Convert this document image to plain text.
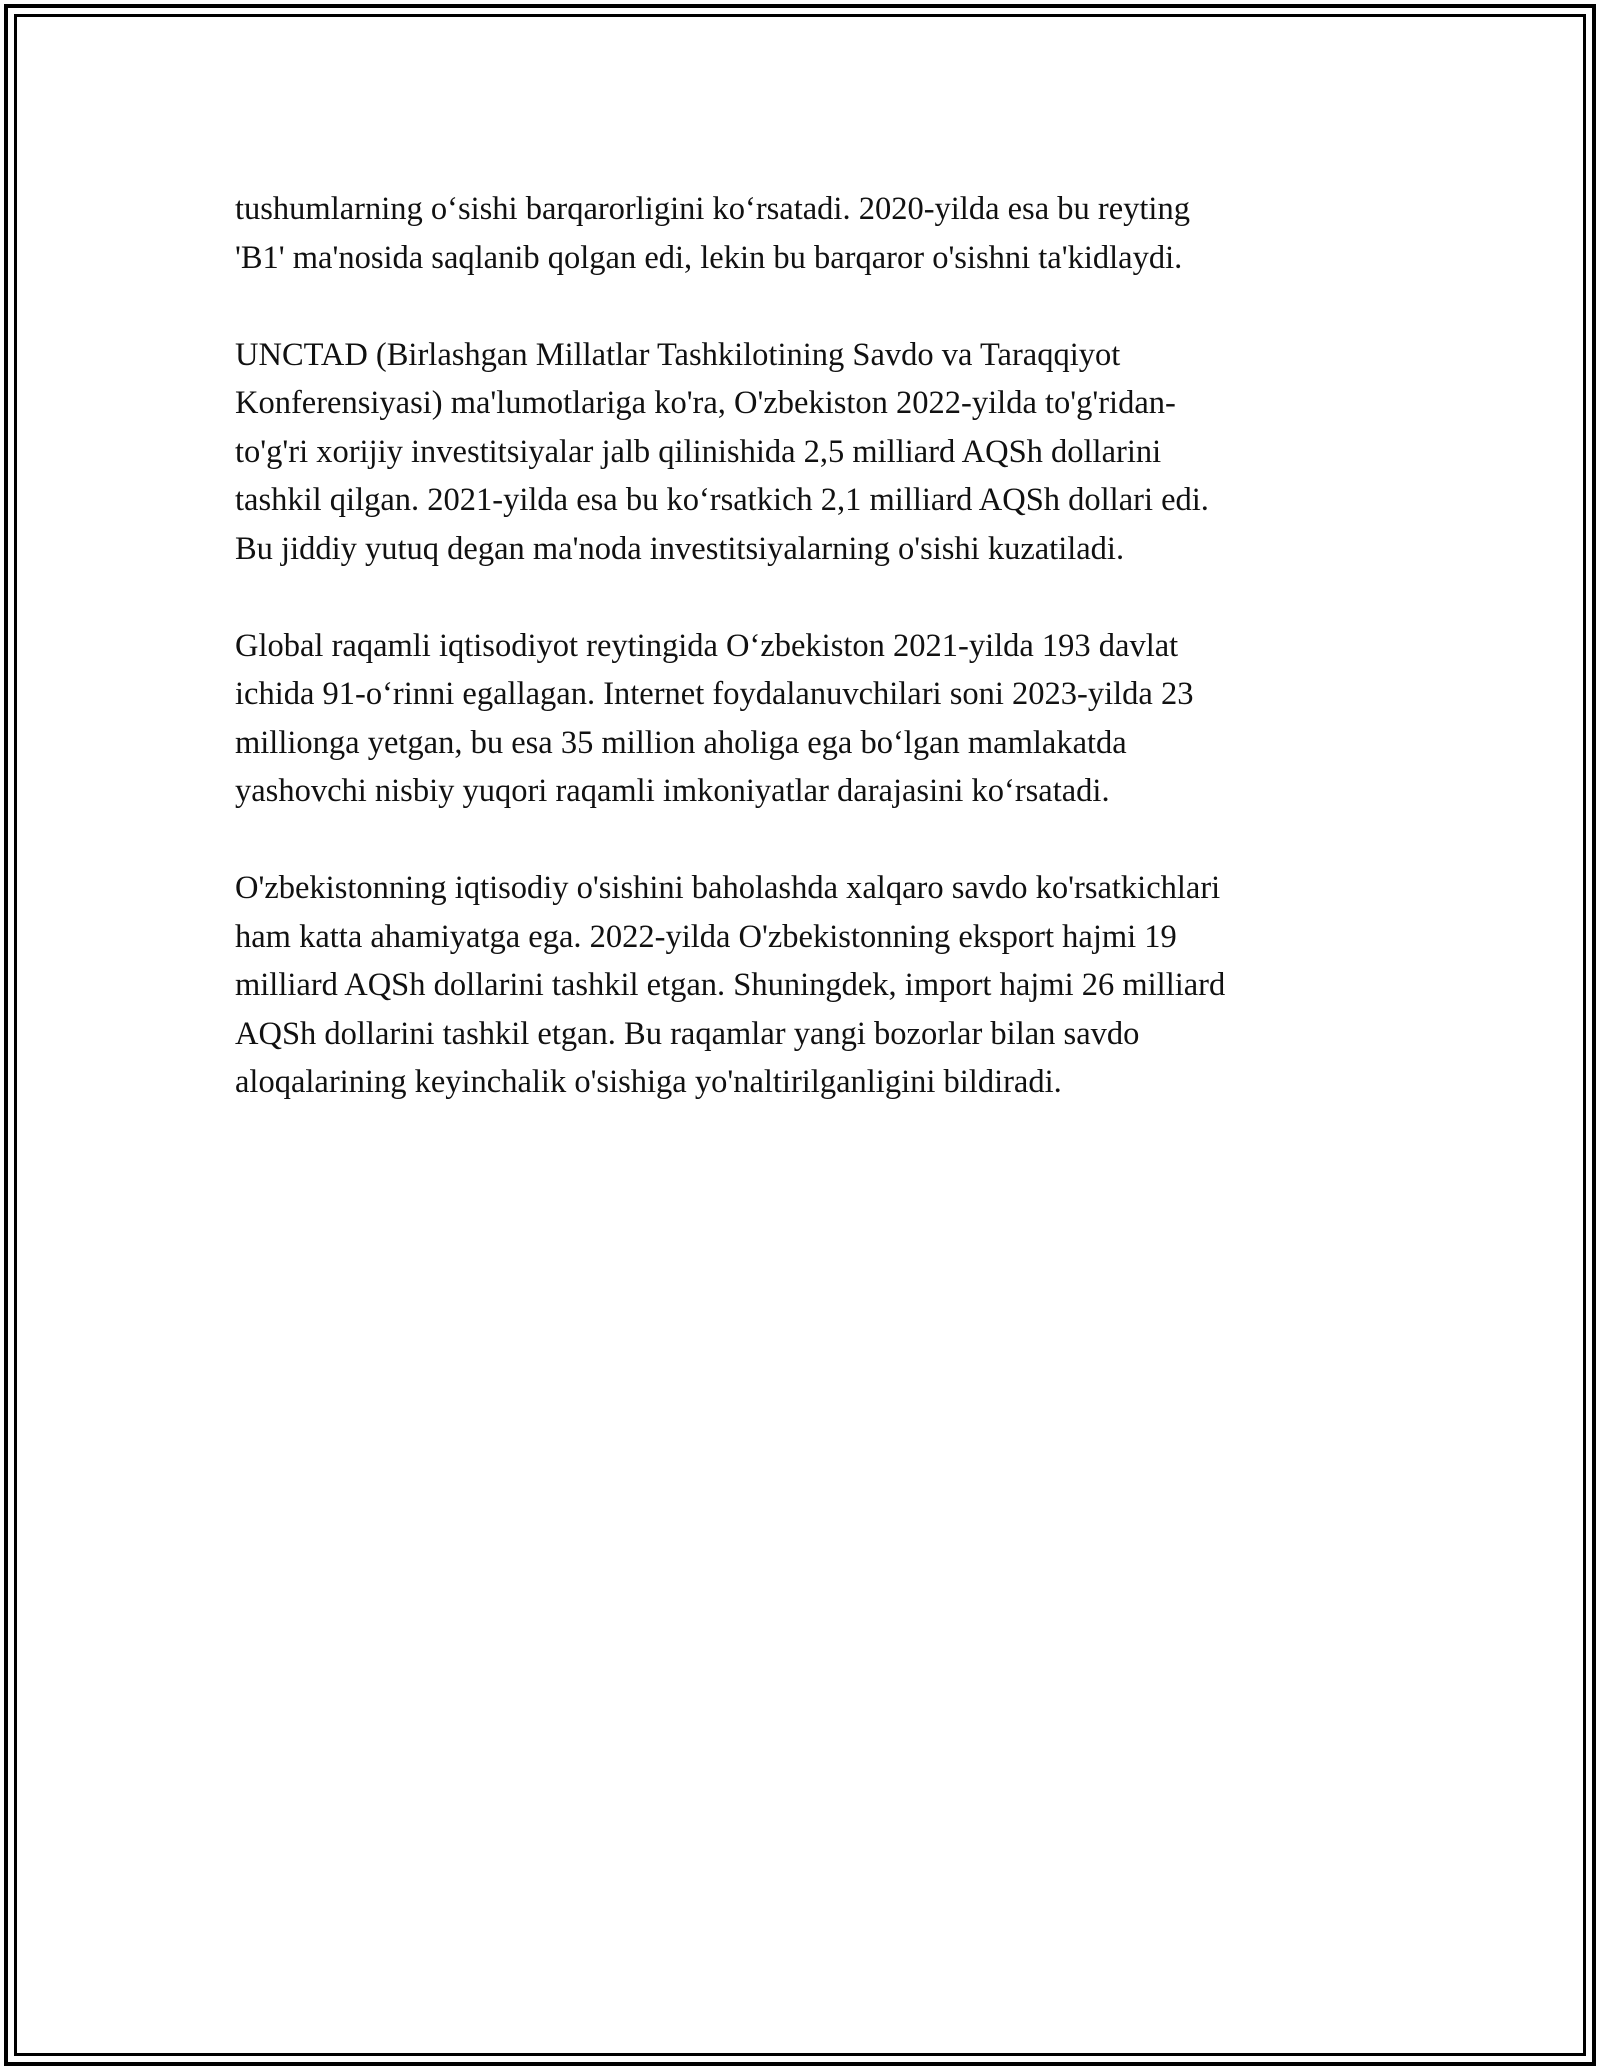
tushumlarning o‘sishi barqarorligini ko‘rsatadi. 2020-yilda esa bu reyting
'B1' ma'nosida saqlanib qolgan edi, lekin bu barqaror o'sishni ta'kidlaydi.

UNCTAD (Birlashgan Millatlar Tashkilotining Savdo va Taraqqiyot
Konferensiyasi) ma'lumotlariga ko'ra, O'zbekiston 2022-yilda to'g'ridan-
to'g'ri xorijiy investitsiyalar jalb qilinishida 2,5 milliard AQSh dollarini
tashkil qilgan. 2021-yilda esa bu ko‘rsatkich 2,1 milliard AQSh dollari edi.
Bu jiddiy yutuq degan ma'noda investitsiyalarning o'sishi kuzatiladi.

Global raqamli iqtisodiyot reytingida O‘zbekiston 2021-yilda 193 davlat
ichida 91-o‘rinni egallagan. Internet foydalanuvchilari soni 2023-yilda 23
millionga yetgan, bu esa 35 million aholiga ega bo‘lgan mamlakatda
yashovchi nisbiy yuqori raqamli imkoniyatlar darajasini ko‘rsatadi.

O'zbekistonning iqtisodiy o'sishini baholashda xalqaro savdo ko'rsatkichlari
ham katta ahamiyatga ega. 2022-yilda O'zbekistonning eksport hajmi 19
milliard AQSh dollarini tashkil etgan. Shuningdek, import hajmi 26 milliard
AQSh dollarini tashkil etgan. Bu raqamlar yangi bozorlar bilan savdo
aloqalarining keyinchalik o'sishiga yo'naltirilganligini bildiradi.
